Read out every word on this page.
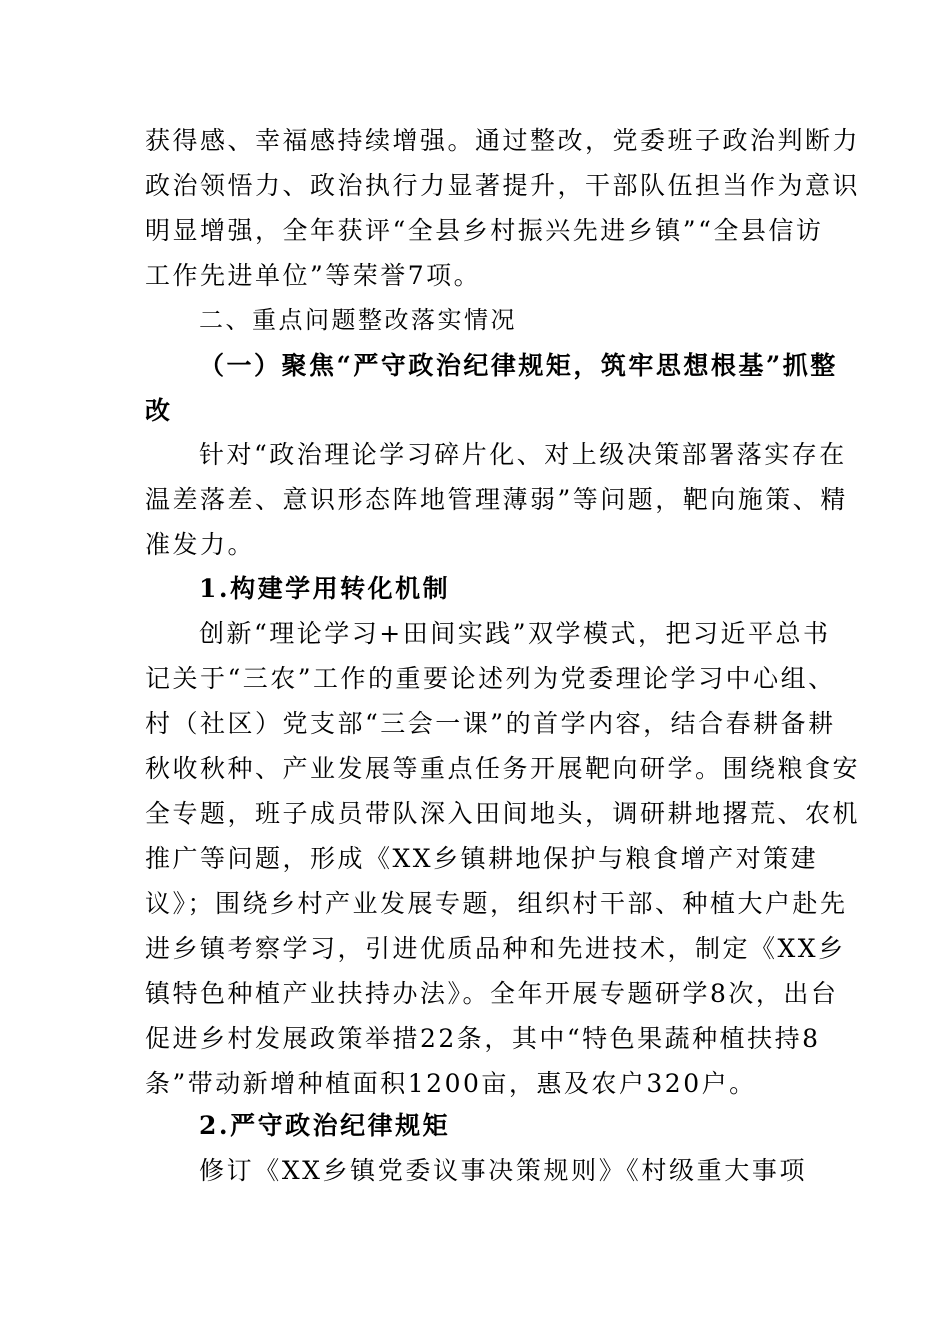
获得感、幸福感持续增强。通过整改，党委班子政治判断力
政治领悟力、政治执行力显著提升，干部队伍担当作为意识
明显增强，全年获评“全县乡村振兴先进乡镇”“全县信访
工作先进单位”等荣誉7项。
二、重点问题整改落实情况
（一）聚焦“严守政治纪律规矩，筑牢思想根基”抓整
改
针对“政治理论学习碎片化、对上级决策部署落实存在
温差落差、意识形态阵地管理薄弱”等问题，靶向施策、精
准发力。
1.构建学用转化机制
创新“理论学习+田间实践”双学模式，把习近平总书
记关于“三农”工作的重要论述列为党委理论学习中心组、
村（社区）党支部“三会一课”的首学内容，结合春耕备耕
秋收秋种、产业发展等重点任务开展靶向研学。围绕粮食安
全专题，班子成员带队深入田间地头，调研耕地撂荒、农机
推广等问题，形成《XX乡镇耕地保护与粮食增产对策建
议》；围绕乡村产业发展专题，组织村干部、种植大户赴先
进乡镇考察学习，引进优质品种和先进技术，制定《XX乡
镇特色种植产业扶持办法》。全年开展专题研学8次，出台
促进乡村发展政策举措22条，其中“特色果蔬种植扶持8
条”带动新增种植面积1200亩，惠及农户320户。
2.严守政治纪律规矩
修订《XX乡镇党委议事决策规则》《村级重大事项
